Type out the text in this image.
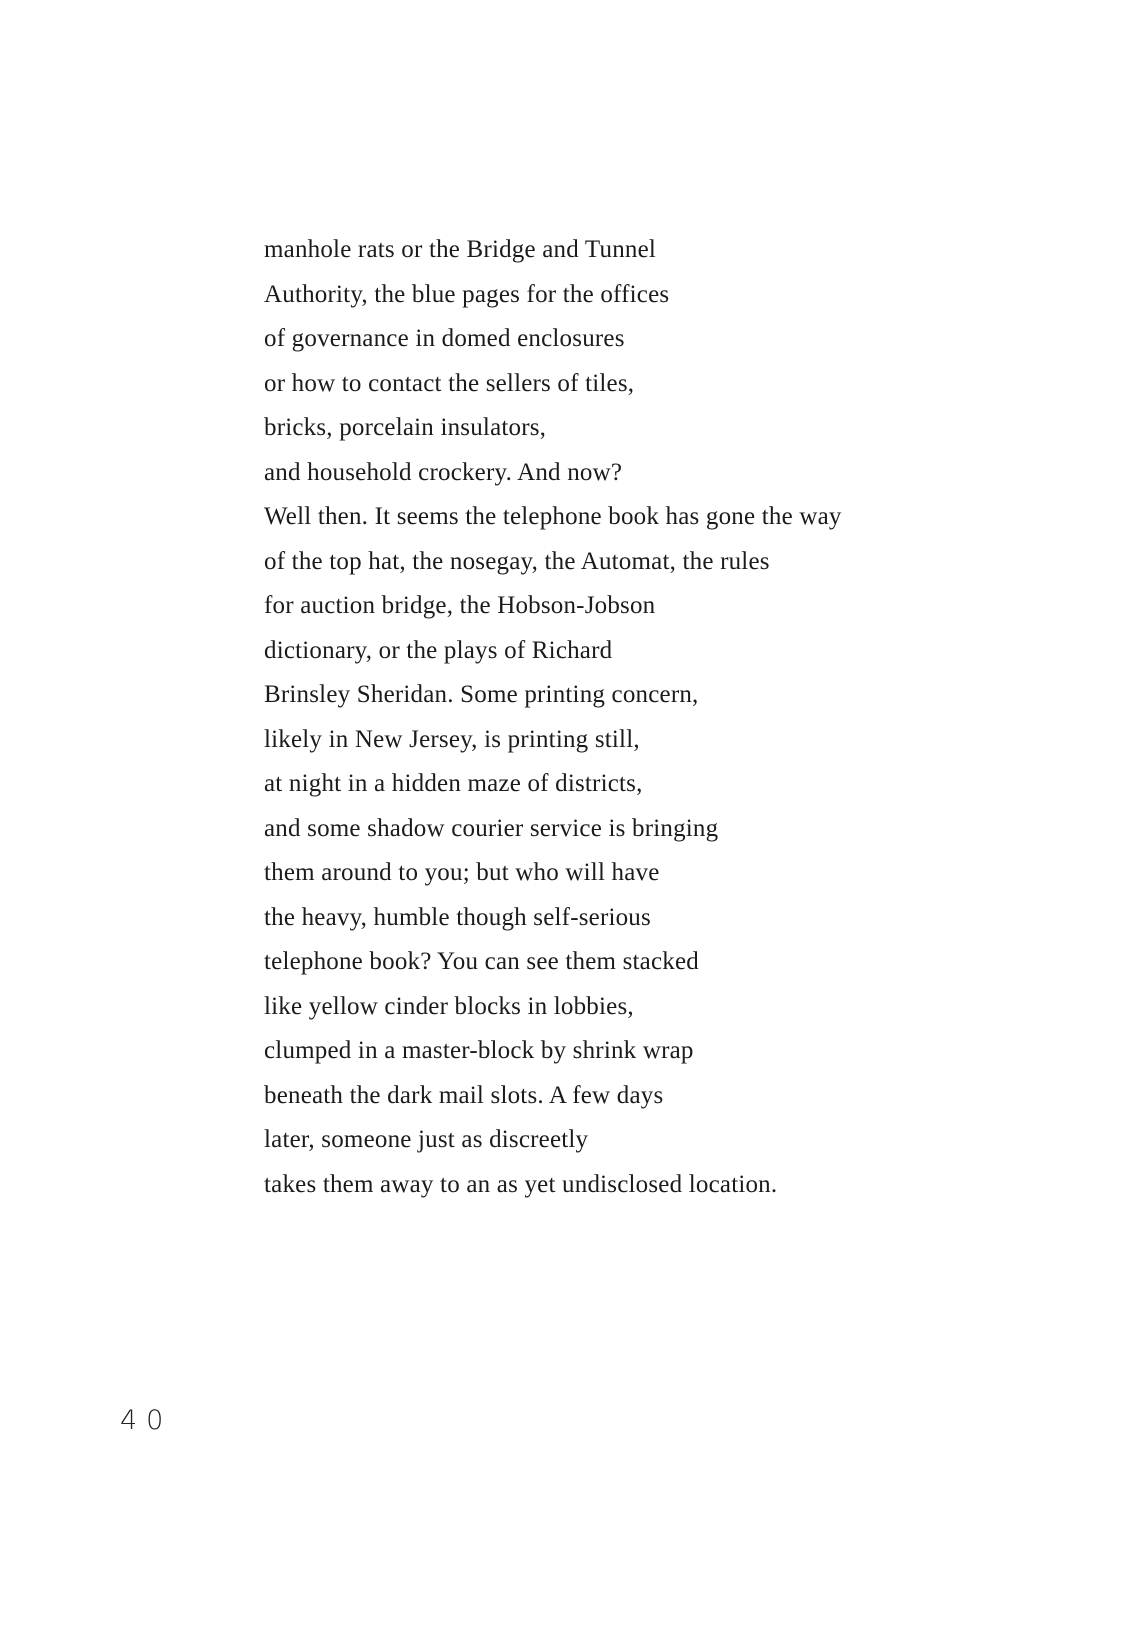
manhole rats or the Bridge and Tunnel
Authority, the blue pages for the offices
of governance in domed enclosures
or how to contact the sellers of tiles,
bricks, porcelain insulators,
and household crockery. And now?
Well then. It seems the telephone book has gone the way
of the top hat, the nosegay, the Automat, the rules
for auction bridge, the Hobson-Jobson
dictionary, or the plays of Richard
Brinsley Sheridan. Some printing concern,
likely in New Jersey, is printing still,
at night in a hidden maze of districts,
and some shadow courier service is bringing
them around to you; but who will have
the heavy, humble though self-serious
telephone book? You can see them stacked
like yellow cinder blocks in lobbies,
clumped in a master-block by shrink wrap
beneath the dark mail slots. A few days
later, someone just as discreetly
takes them away to an as yet undisclosed location.
40
